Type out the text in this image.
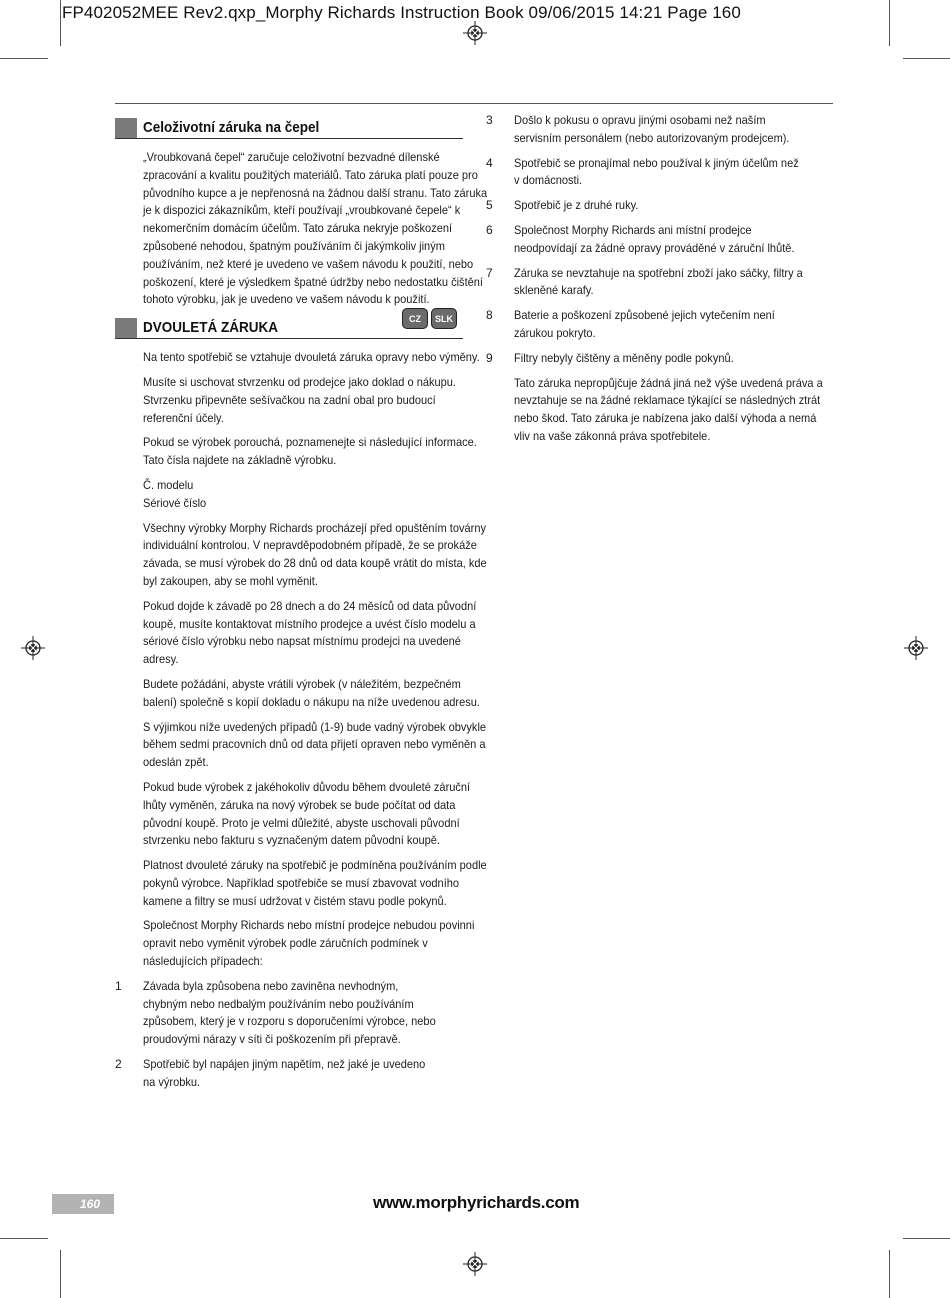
FP402052MEE Rev2.qxp_Morphy Richards Instruction Book 09/06/2015 14:21 Page 160
Celoživotní záruka na čepel
„Vroubkovaná čepel“ zaručuje celoživotní bezvadné dílenské zpracování a kvalitu použitých materiálů. Tato záruka platí pouze pro původního kupce a je nepřenosná na žádnou další stranu. Tato záruka je k dispozici zákazníkům, kteří používají „vroubkované čepele“ k nekomerčním domácím účelům. Tato záruka nekryje poškození způsobené nehodou, špatným používáním či jakýmkoliv jiným používáním, než které je uvedeno ve vašem návodu k použití, nebo poškození, které je výsledkem špatné údržby nebo nedostatku čištění tohoto výrobku, jak je uvedeno ve vašem návodu k použití.
DVOULETÁ ZÁRUKA
CZ	SLK
Na tento spotřebič se vztahuje dvouletá záruka opravy nebo výměny.
Musíte si uschovat stvrzenku od prodejce jako doklad o nákupu. Stvrzenku připevněte sešívačkou na zadní obal pro budoucí referenční účely.
Pokud se výrobek porouchá, poznamenejte si následující informace. Tato čísla najdete na základně výrobku.
Č. modelu
Sériové číslo
Všechny výrobky Morphy Richards procházejí před opuštěním továrny individuální kontrolou. V nepravděpodobném případě, že se prokáže závada, se musí výrobek do 28 dnů od data koupě vrátit do místa, kde byl zakoupen, aby se mohl vyměnit.
Pokud dojde k závadě po 28 dnech a do 24 měsíců od data původní koupě, musíte kontaktovat místního prodejce a uvést číslo modelu a sériové číslo výrobku nebo napsat místnímu prodejci na uvedené adresy.
Budete požádáni, abyste vrátili výrobek (v náležitém, bezpečném balení) společně s kopií dokladu o nákupu na níže uvedenou adresu.
S výjimkou níže uvedených případů (1-9) bude vadný výrobek obvykle během sedmi pracovních dnů od data přijetí opraven nebo vyměněn a odeslán zpět.
Pokud bude výrobek z jakéhokoliv důvodu během dvouleté záruční lhůty vyměněn, záruka na nový výrobek se bude počítat od data původní koupě. Proto je velmi důležité, abyste uschovali původní stvrzenku nebo fakturu s vyznačeným datem původní koupě.
Platnost dvouleté záruky na spotřebič je podmíněna používáním podle pokynů výrobce. Například spotřebiče se musí zbavovat vodního kamene a filtry se musí udržovat v čistém stavu podle pokynů.
Společnost Morphy Richards nebo místní prodejce nebudou povinni opravit nebo vyměnit výrobek podle záručních podmínek v následujících případech:
1	Závada byla způsobena nebo zaviněna nevhodným, chybným nebo nedbalým používáním nebo používáním způsobem, který je v rozporu s doporučeními výrobce, nebo proudovými nárazy v síti či poškozením při přepravě.
2	Spotřebič byl napájen jiným napětím, než jaké je uvedeno na výrobku.
3	Došlo k pokusu o opravu jinými osobami než naším servisním personálem (nebo autorizovaným prodejcem).
4	Spotřebič se pronajímal nebo používal k jiným účelům než v domácnosti.
5	Spotřebič je z druhé ruky.
6	Společnost Morphy Richards ani místní prodejce neodpovídají za žádné opravy prováděné v záruční lhůtě.
7	Záruka se nevztahuje na spotřební zboží jako sáčky, filtry a skleněné karafy.
8	Baterie a poškození způsobené jejich vytečením není zárukou pokryto.
9	Filtry nebyly čištěny a měněny podle pokynů.
Tato záruka nepropůjčuje žádná jiná než výše uvedená práva a nevztahuje se na žádné reklamace týkající se následných ztrát nebo škod. Tato záruka je nabízena jako další výhoda a nemá vliv na vaše zákonná práva spotřebitele.
160	www.morphyrichards.com
